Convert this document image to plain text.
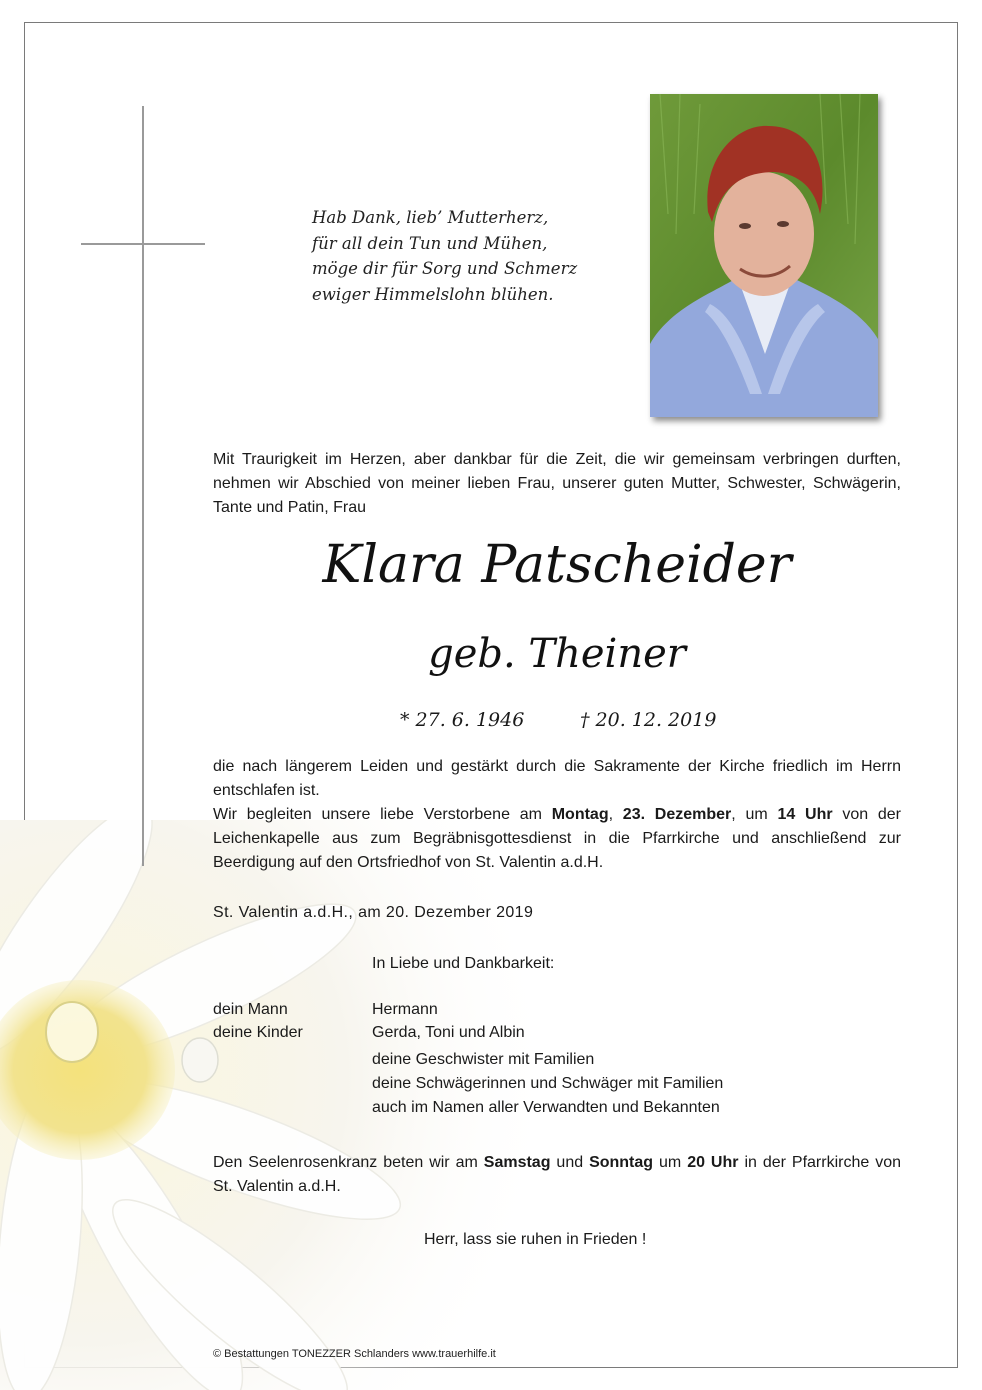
Hab Dank, lieb’ Mutterherz,
für all dein Tun und Mühen,
möge dir für Sorg und Schmerz
ewiger Himmelslohn blühen.
Mit Traurigkeit im Herzen, aber dankbar für die Zeit, die wir gemeinsam verbringen durften, nehmen wir Abschied von meiner lieben Frau, unserer guten Mutter, Schwester, Schwägerin, Tante und Patin, Frau
Klara Patscheider
geb. Theiner
* 27. 6. 1946	† 20. 12. 2019
die nach längerem Leiden und gestärkt durch die Sakramente der Kirche friedlich im Herrn entschlafen ist.
Wir begleiten unsere liebe Verstorbene am Montag, 23. Dezember, um 14 Uhr von der Leichenkapelle aus zum Begräbnisgottesdienst in die Pfarrkirche und anschließend zur Beerdigung auf den Ortsfriedhof von St. Valentin a.d.H.
St. Valentin a.d.H., am 20. Dezember 2019
In Liebe und Dankbarkeit:
dein Mann	Hermann
deine Kinder	Gerda, Toni und Albin
deine Geschwister mit Familien
deine Schwägerinnen und Schwäger mit Familien
auch im Namen aller Verwandten und Bekannten
Den Seelenrosenkranz beten wir am Samstag und Sonntag um 20 Uhr in der Pfarrkirche von St. Valentin a.d.H.
Herr, lass sie ruhen in Frieden !
© Bestattungen TONEZZER Schlanders www.trauerhilfe.it
